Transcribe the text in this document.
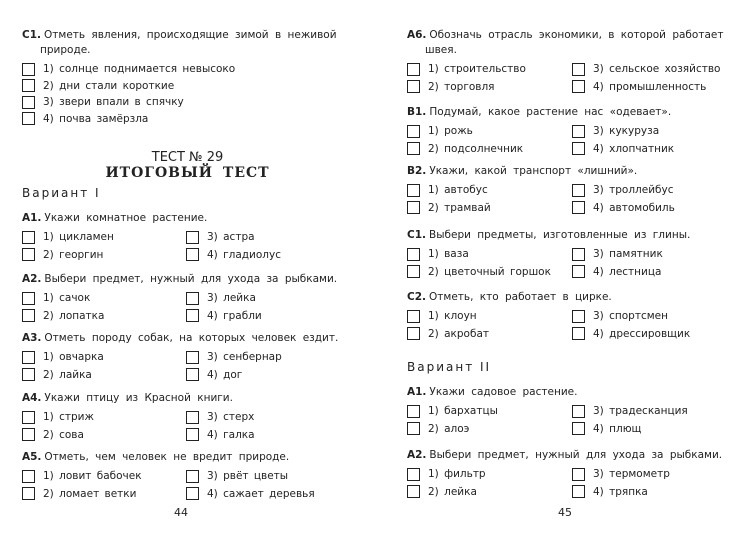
С1. Отметь явления, происходящие зимой в неживой
природе.
1) солнце поднимается невысоко
2) дни стали короткие
3) звери впали в спячку
4) почва замёрзла
ТЕСТ № 29
ИТОГОВЫЙ ТЕСТ
Вариант I
А1. Укажи комнатное растение.
1) цикламен
2) георгин
3) астра
4) гладиолус
А2. Выбери предмет, нужный для ухода за рыбками.
1) сачок
2) лопатка
3) лейка
4) грабли
А3. Отметь породу собак, на которых человек ездит.
1) овчарка
2) лайка
3) сенбернар
4) дог
А4. Укажи птицу из Красной книги.
1) стриж
2) сова
3) стерх
4) галка
А5. Отметь, чем человек не вредит природе.
1) ловит бабочек
2) ломает ветки
3) рвёт цветы
4) сажает деревья
44
А6. Обозначь отрасль экономики, в которой работает
швея.
1) строительство
2) торговля
3) сельское хозяйство
4) промышленность
В1. Подумай, какое растение нас «одевает».
1) рожь
2) подсолнечник
3) кукуруза
4) хлопчатник
В2. Укажи, какой транспорт «лишний».
1) автобус
2) трамвай
3) троллейбус
4) автомобиль
С1. Выбери предметы, изготовленные из глины.
1) ваза
2) цветочный горшок
3) памятник
4) лестница
С2. Отметь, кто работает в цирке.
1) клоун
2) акробат
3) спортсмен
4) дрессировщик
Вариант II
А1. Укажи садовое растение.
1) бархатцы
2) алоэ
3) традесканция
4) плющ
А2. Выбери предмет, нужный для ухода за рыбками.
1) фильтр
2) лейка
3) термометр
4) тряпка
45
